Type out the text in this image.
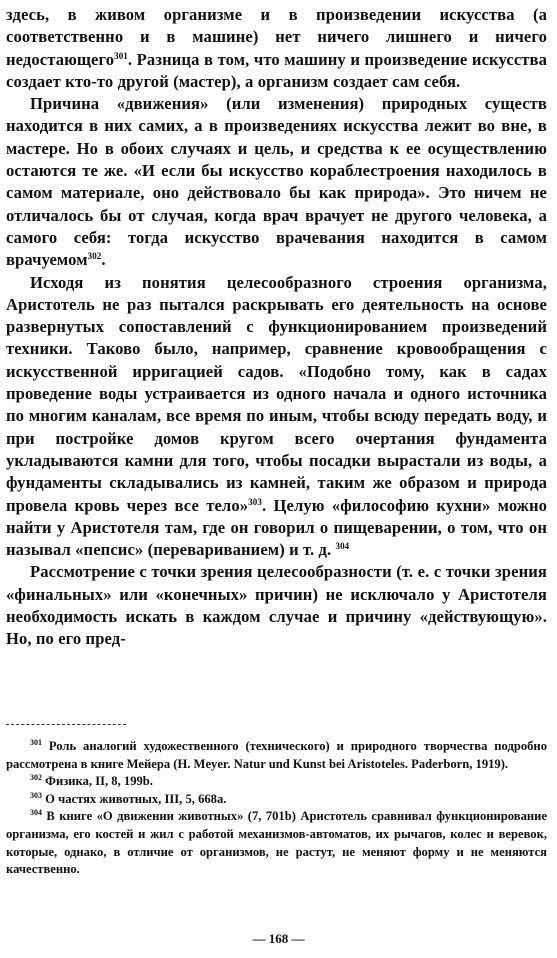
здесь, в живом организме и в произведении искусства (а соответственно и в машине) нет ничего лишнего и ничего недостающего$^{301}$. Разница в том, что машину и произведение искусства создает кто-то другой (мастер), а организм создает сам себя.

Причина «движения» (или изменения) природных существ находится в них самих, а в произведениях искусства лежит во вне, в мастере. Но в обоих случаях и цель, и средства к ее осуществлению остаются те же. «И если бы искусство кораблестроения находилось в самом материале, оно действовало бы как природа». Это ничем не отличалось бы от случая, когда врач врачует не другого человека, а самого себя: тогда искусство врачевания находится в самом врачуемом$^{302}$.

Исходя из понятия целесообразного строения организма, Аристотель не раз пытался раскрывать его деятельность на основе развернутых сопоставлений с функционированием произведений техники. Таково было, например, сравнение кровообращения с искусственной ирригацией садов. «Подобно тому, как в садах проведение воды устраивается из одного начала и одного источника по многим каналам, все время по иным, чтобы всюду передать воду, и при постройке домов кругом всего очертания фундамента укладываются камни для того, чтобы посадки вырастали из воды, а фундаменты складывались из камней, таким же образом и природа провела кровь через все тело»$^{303}$. Целую «философию кухни» можно найти у Аристотеля там, где он говорил о пищеварении, о том, что он называл «пепсис» (перевариванием) и т. д. $^{304}$

Рассмотрение с точки зрения целесообразности (т. е. с точки зрения «финальных» или «конечных» причин) не исключало у Аристотеля необходимость искать в каждом случае и причину «действующую». Но, по его пред-

$^{301}$ Роль аналогий художественного (технического) и природного творчества подробно рассмотрена в книге Мейера (H. Meyer. Natur und Kunst bei Aristoteles. Paderborn, 1919).

$^{302}$ Физика, II, 8, 199b.

$^{303}$ О частях животных, III, 5, 668a.

$^{304}$ В книге «О движении животных» (7, 701b) Аристотель сравнивал функционирование организма, его костей и жил с работой механизмов-автоматов, их рычагов, колес и веревок, которые, однако, в отличие от организмов, не растут, не меняют форму и не меняются качественно.

— 168 —
